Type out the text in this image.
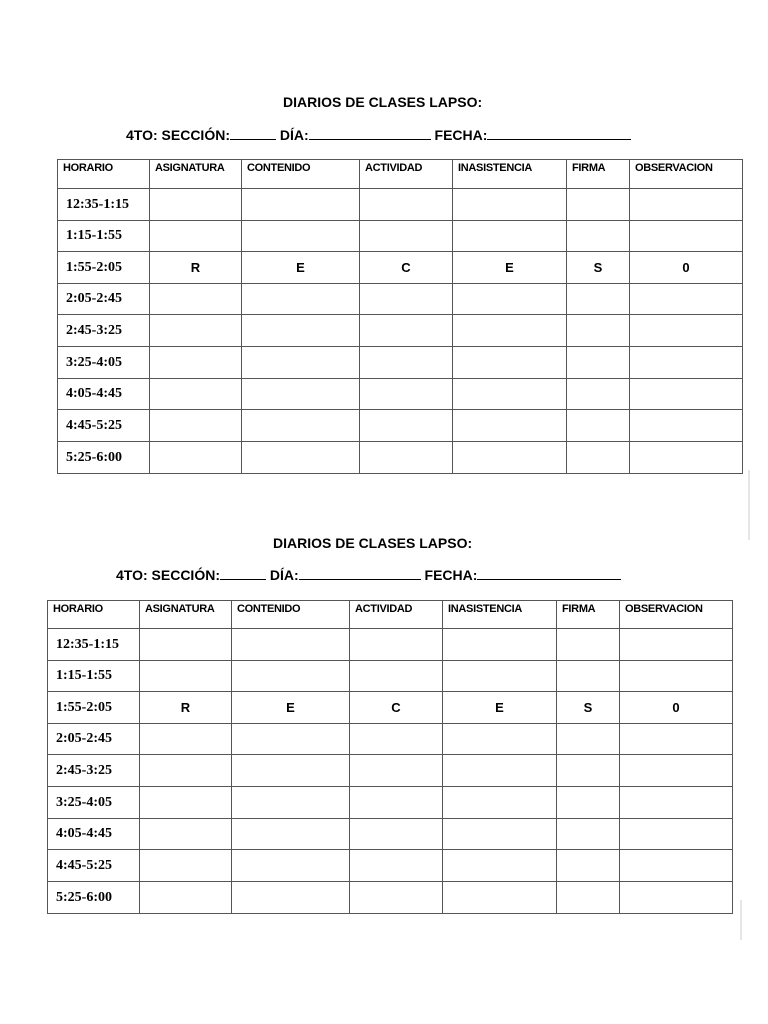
DIARIOS DE CLASES LAPSO:
4TO: SECCIÓN:	DÍA:	FECHA:
HORARIO	ASIGNATURA	CONTENIDO	ACTIVIDAD	INASISTENCIA	FIRMA	OBSERVACION
12:35-1:15						
1:15-1:55						
1:55-2:05	R	E	C	E	S	0
2:05-2:45						
2:45-3:25						
3:25-4:05						
4:05-4:45						
4:45-5:25						
5:25-6:00						
DIARIOS DE CLASES LAPSO:
4TO: SECCIÓN:	DÍA:	FECHA:
HORARIO	ASIGNATURA	CONTENIDO	ACTIVIDAD	INASISTENCIA	FIRMA	OBSERVACION
12:35-1:15						
1:15-1:55						
1:55-2:05	R	E	C	E	S	0
2:05-2:45						
2:45-3:25						
3:25-4:05						
4:05-4:45						
4:45-5:25						
5:25-6:00						
